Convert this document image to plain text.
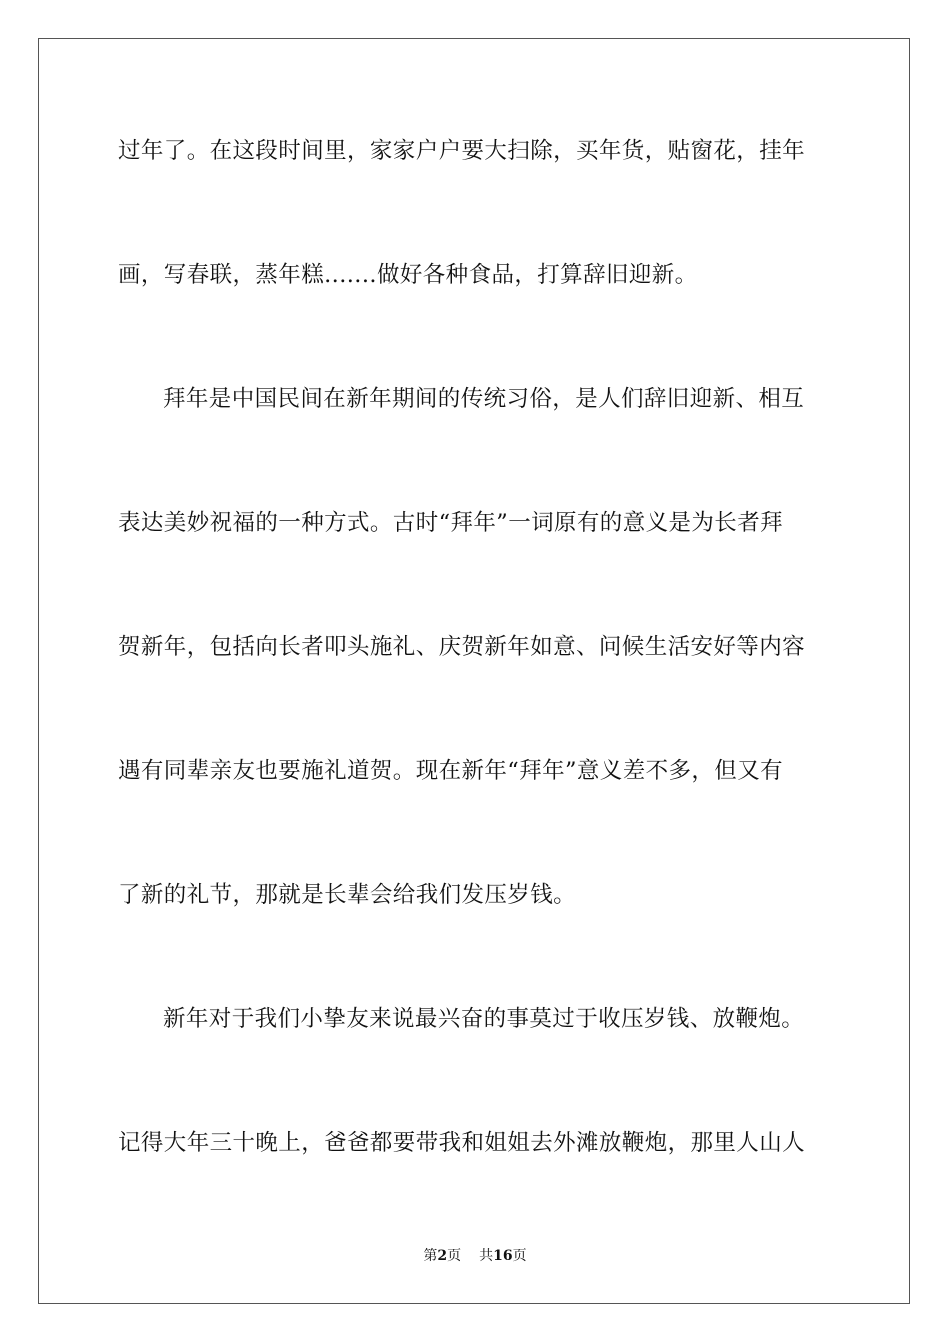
过年了。在这段时间里，家家户户要大扫除，买年货，贴窗花，挂年
画，写春联，蒸年糕.......做好各种食品，打算辞旧迎新。
拜年是中国民间在新年期间的传统习俗，是人们辞旧迎新、相互
表达美妙祝福的一种方式。古时“拜年”一词原有的意义是为长者拜
贺新年，包括向长者叩头施礼、庆贺新年如意、问候生活安好等内容
遇有同辈亲友也要施礼道贺。现在新年“拜年”意义差不多，但又有
了新的礼节，那就是长辈会给我们发压岁钱。
新年对于我们小挚友来说最兴奋的事莫过于收压岁钱、放鞭炮。
记得大年三十晚上，爸爸都要带我和姐姐去外滩放鞭炮，那里人山人
第2页 共16页
